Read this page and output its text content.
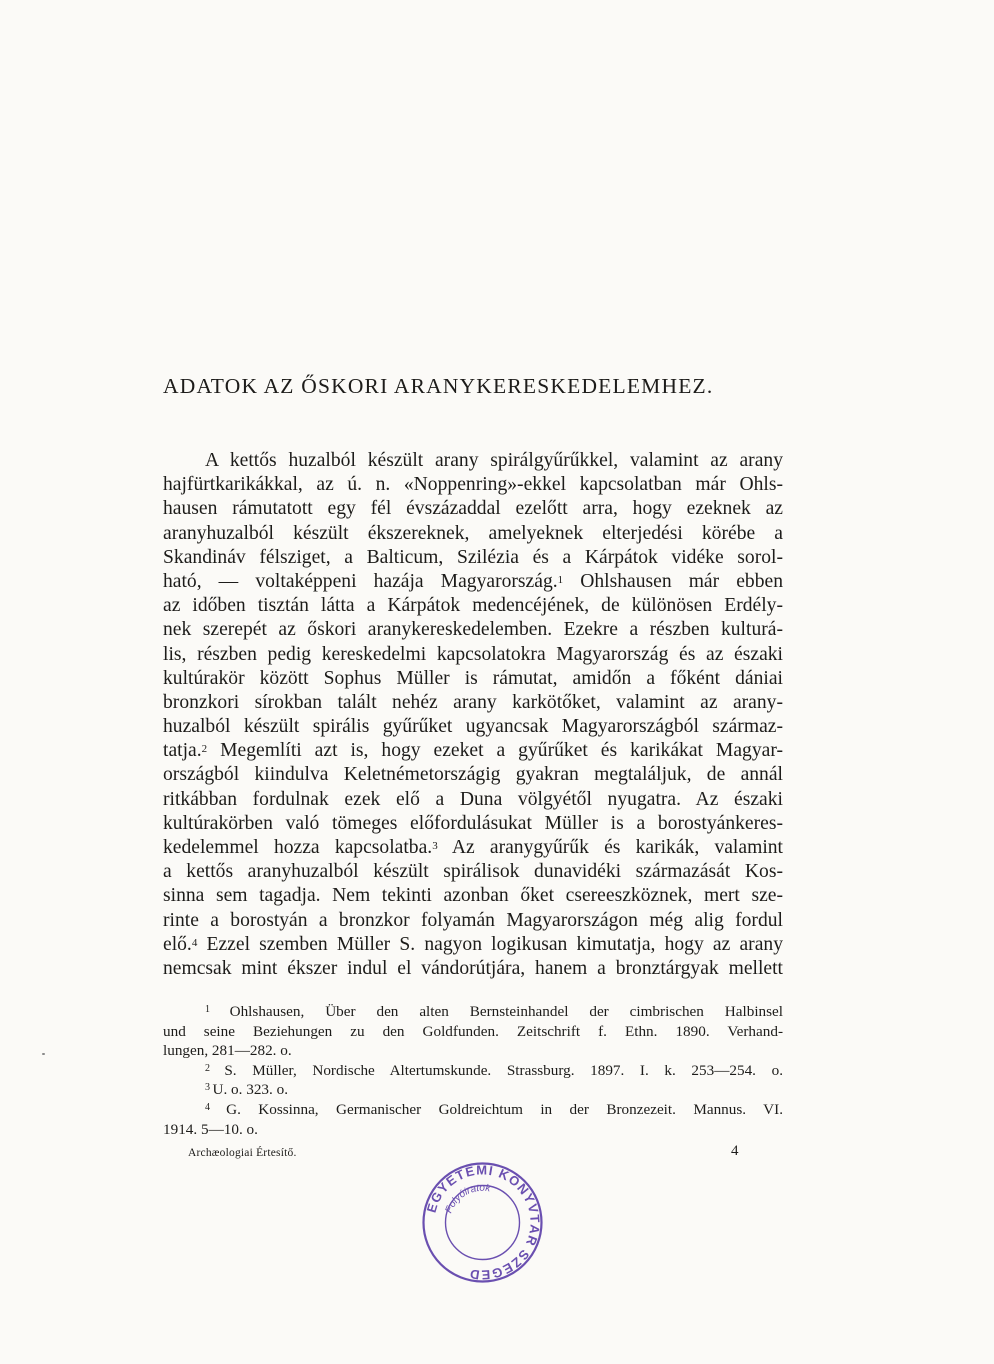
ADATOK AZ ŐSKORI ARANYKERESKEDELEMHEZ.
A kettős huzalból készült arany spirálgyűrűkkel, valamint az arany
hajfürtkarikákkal, az ú. n. «Noppenring»-ekkel kapcsolatban már Ohls-
hausen rámutatott egy fél évszázaddal ezelőtt arra, hogy ezeknek az
aranyhuzalból készült ékszereknek, amelyeknek elterjedési körébe a
Skandináv félsziget, a Balticum, Szilézia és a Kárpátok vidéke sorol-
ható, — voltaképpeni hazája Magyarország.$^1$ Ohlshausen már ebben
az időben tisztán látta a Kárpátok medencéjének, de különösen Erdély-
nek szerepét az őskori aranykereskedelemben. Ezekre a részben kulturá-
lis, részben pedig kereskedelmi kapcsolatokra Magyarország és az északi
kultúrakör között Sophus Müller is rámutat, amidőn a főként dániai
bronzkori sírokban talált nehéz arany karkötőket, valamint az arany-
huzalból készült spirális gyűrűket ugyancsak Magyarországból származ-
tatja.$^2$ Megemlíti azt is, hogy ezeket a gyűrűket és karikákat Magyar-
országból kiindulva Keletnémetországig gyakran megtaláljuk, de annál
ritkábban fordulnak ezek elő a Duna völgyétől nyugatra. Az északi
kultúrakörben való tömeges előfordulásukat Müller is a borostyánkeres-
kedelemmel hozza kapcsolatba.$^3$ Az aranygyűrűk és karikák, valamint
a kettős aranyhuzalból készült spirálisok dunavidéki származását Kos-
sinna sem tagadja. Nem tekinti azonban őket csereeszköznek, mert sze-
rinte a borostyán a bronzkor folyamán Magyarországon még alig fordul
elő.$^4$ Ezzel szemben Müller S. nagyon logikusan kimutatja, hogy az arany
nemcsak mint ékszer indul el vándorútjára, hanem a bronztárgyak mellett
$^1$ Ohlshausen, Über den alten Bernsteinhandel der cimbrischen Halbinsel
und seine Beziehungen zu den Goldfunden. Zeitschrift f. Ethn. 1890. Verhand-
lungen, 281—282. o.
$^2$ S. Müller, Nordische Altertumskunde. Strassburg. 1897. I. k. 253—254. o.
$^3$ U. o. 323. o.
$^4$ G. Kossinna, Germanischer Goldreichtum in der Bronzezeit. Mannus. VI.
1914. 5—10. o.
Archæologiai Értesítő.	4
EGYETEMI KÖNYVTÁR SZEGED
Folyóiratok
